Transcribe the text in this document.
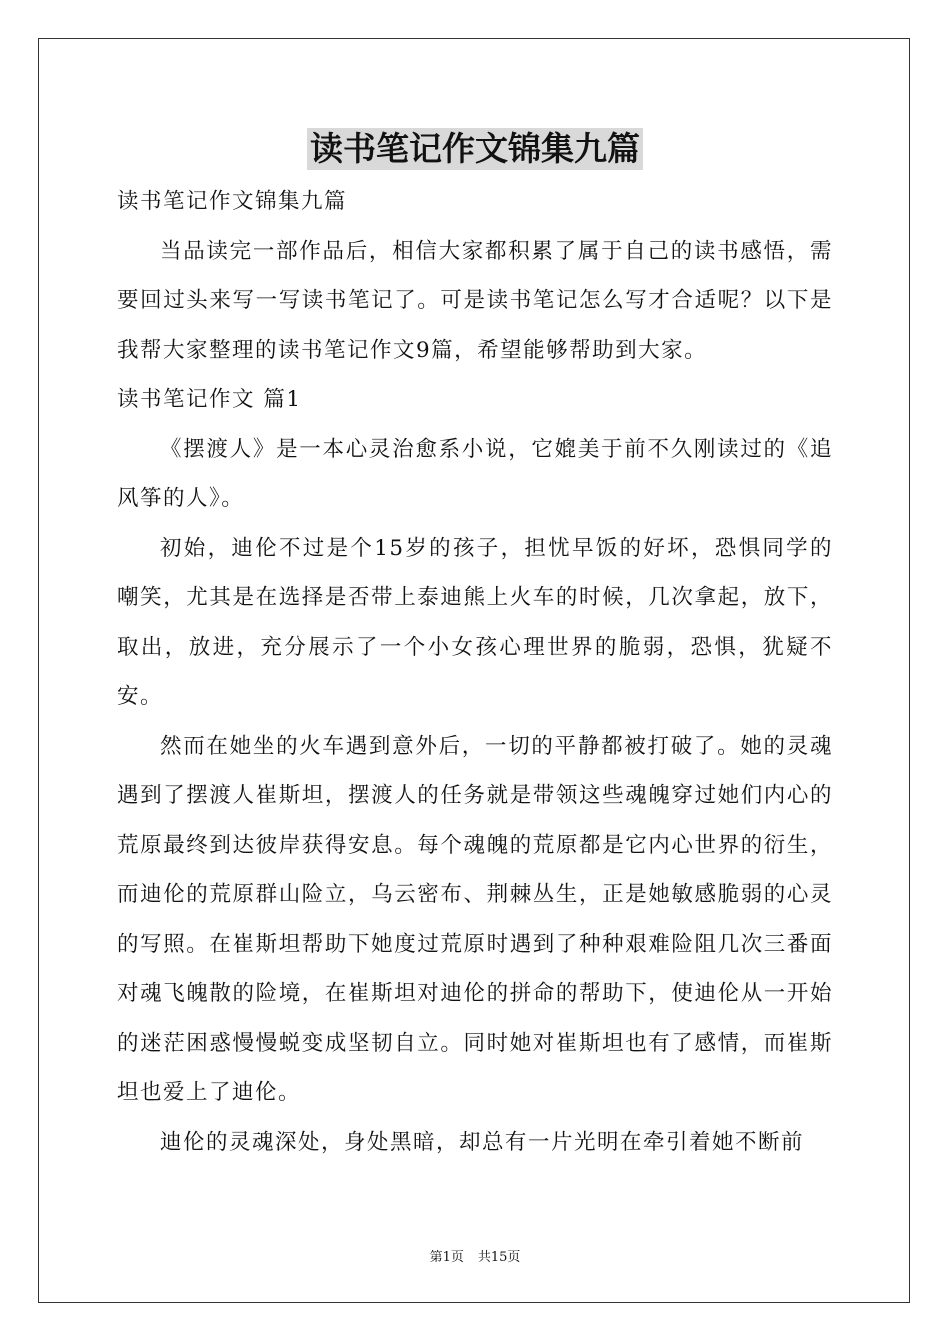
读书笔记作文锦集九篇

读书笔记作文锦集九篇

当品读完一部作品后，相信大家都积累了属于自己的读书感悟，需要回过头来写一写读书笔记了。可是读书笔记怎么写才合适呢？以下是我帮大家整理的读书笔记作文9篇，希望能够帮助到大家。

读书笔记作文 篇1

《摆渡人》是一本心灵治愈系小说，它媲美于前不久刚读过的《追风筝的人》。

初始，迪伦不过是个15岁的孩子，担忧早饭的好坏，恐惧同学的嘲笑，尤其是在选择是否带上泰迪熊上火车的时候，几次拿起，放下，取出，放进，充分展示了一个小女孩心理世界的脆弱，恐惧，犹疑不安。

然而在她坐的火车遇到意外后，一切的平静都被打破了。她的灵魂遇到了摆渡人崔斯坦，摆渡人的任务就是带领这些魂魄穿过她们内心的荒原最终到达彼岸获得安息。每个魂魄的荒原都是它内心世界的衍生，而迪伦的荒原群山险立，乌云密布、荆棘丛生，正是她敏感脆弱的心灵的写照。在崔斯坦帮助下她度过荒原时遇到了种种艰难险阻几次三番面对魂飞魄散的险境，在崔斯坦对迪伦的拼命的帮助下，使迪伦从一开始的迷茫困惑慢慢蜕变成坚韧自立。同时她对崔斯坦也有了感情，而崔斯坦也爱上了迪伦。

迪伦的灵魂深处，身处黑暗，却总有一片光明在牵引着她不断前

第1页 共15页
